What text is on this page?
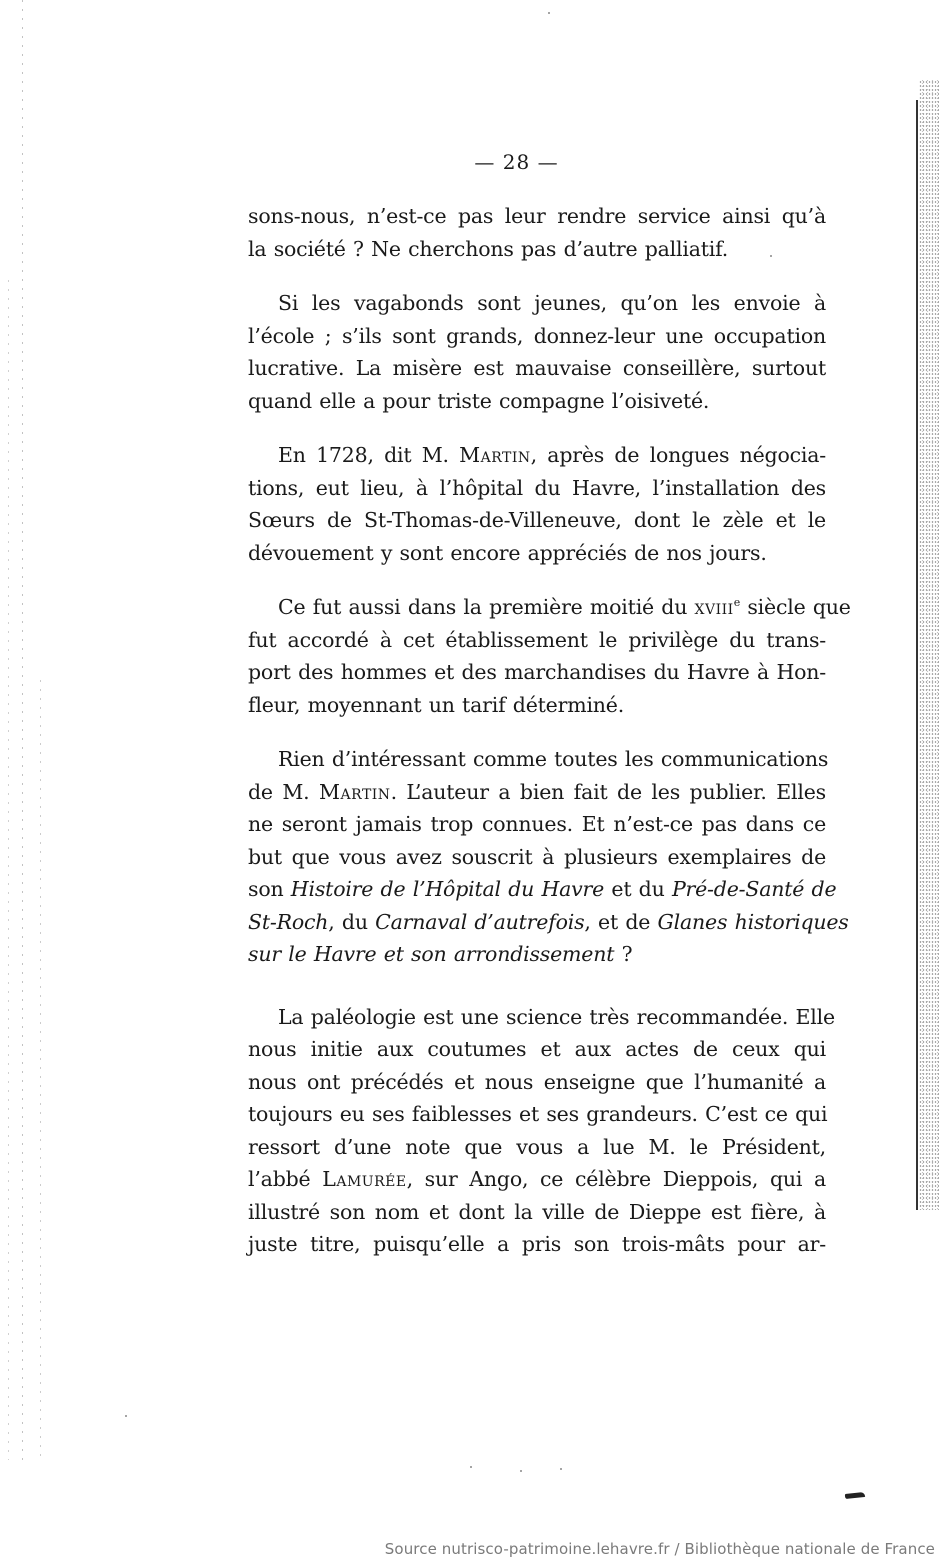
— 28 —

sons-nous, n’est-ce pas leur rendre service ainsi qu’à
la société ? Ne cherchons pas d’autre palliatif.

Si les vagabonds sont jeunes, qu’on les envoie à
l’école ; s’ils sont grands, donnez-leur une occupation
lucrative. La misère est mauvaise conseillère, surtout
quand elle a pour triste compagne l’oisiveté.

En 1728, dit M. Martin, après de longues négocia-
tions, eut lieu, à l’hôpital du Havre, l’installation des
Sœurs de St-Thomas-de-Villeneuve, dont le zèle et le
dévouement y sont encore appréciés de nos jours.

Ce fut aussi dans la première moitié du xviii$^e$ siècle que
fut accordé à cet établissement le privilège du trans-
port des hommes et des marchandises du Havre à Hon-
fleur, moyennant un tarif déterminé.

Rien d’intéressant comme toutes les communications
de M. Martin. L’auteur a bien fait de les publier. Elles
ne seront jamais trop connues. Et n’est-ce pas dans ce
but que vous avez souscrit à plusieurs exemplaires de
son Histoire de l’Hôpital du Havre et du Pré-de-Santé de
St-Roch, du Carnaval d’autrefois, et de Glanes historiques
sur le Havre et son arrondissement ?

La paléologie est une science très recommandée. Elle
nous initie aux coutumes et aux actes de ceux qui
nous ont précédés et nous enseigne que l’humanité a
toujours eu ses faiblesses et ses grandeurs. C’est ce qui
ressort d’une note que vous a lue M. le Président,
l’abbé Lamurée, sur Ango, ce célèbre Dieppois, qui a
illustré son nom et dont la ville de Dieppe est fière, à
juste titre, puisqu’elle a pris son trois-mâts pour ar-

Source nutrisco-patrimoine.lehavre.fr / Bibliothèque nationale de France
